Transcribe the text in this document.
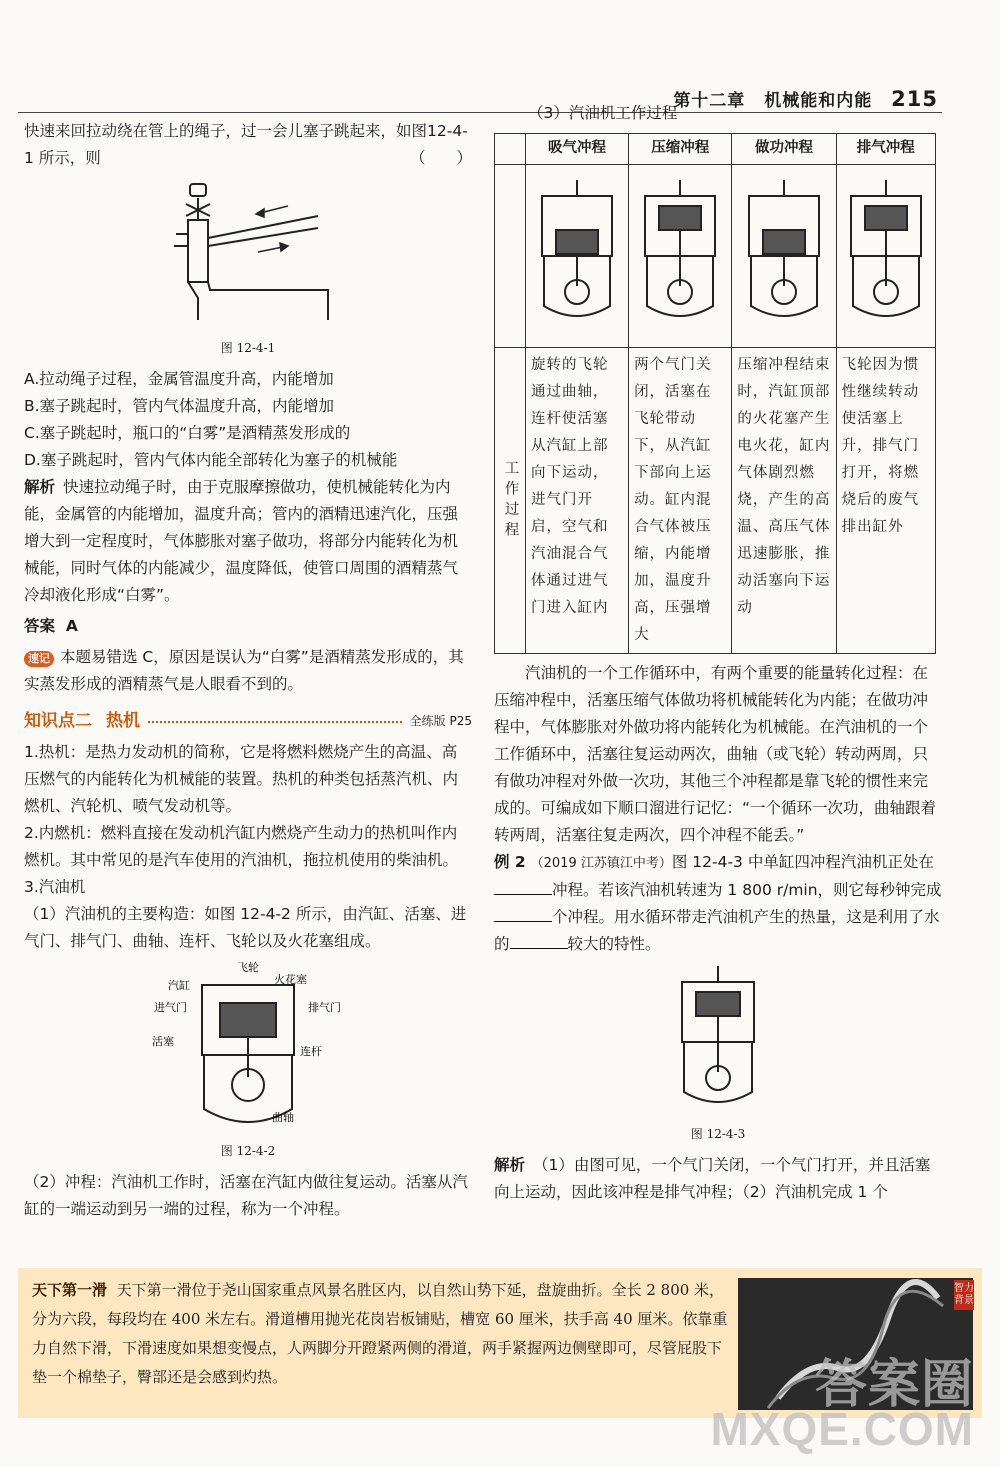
第十二章 机械能和内能 215

快速来回拉动绕在管上的绳子，过一会儿塞子跳起来，如图12-4-1 所示，则	（　　）

图 12-4-1

A.拉动绳子过程，金属管温度升高，内能增加

B.塞子跳起时，管内气体温度升高，内能增加

C.塞子跳起时，瓶口的“白雾”是酒精蒸发形成的

D.塞子跳起时，管内气体内能全部转化为塞子的机械能

解析 快速拉动绳子时，由于克服摩擦做功，使机械能转化为内能，金属管的内能增加，温度升高；管内的酒精迅速汽化，压强增大到一定程度时，气体膨胀对塞子做功，将部分内能转化为机械能，同时气体的内能减少，温度降低，使管口周围的酒精蒸气冷却液化形成“白雾”。

答案 A

速记 本题易错选 C，原因是误认为“白雾”是酒精蒸发形成的，其实蒸发形成的酒精蒸气是人眼看不到的。

知识点二 热机	全练版 P25

1.热机：是热力发动机的简称，它是将燃料燃烧产生的高温、高压燃气的内能转化为机械能的装置。热机的种类包括蒸汽机、内燃机、汽轮机、喷气发动机等。

2.内燃机：燃料直接在发动机汽缸内燃烧产生动力的热机叫作内燃机。其中常见的是汽车使用的汽油机，拖拉机使用的柴油机。

3.汽油机

（1）汽油机的主要构造：如图 12-4-2 所示，由汽缸、活塞、进气门、排气门、曲轴、连杆、飞轮以及火花塞组成。

飞轮
汽缸	火花塞
进气门	排气门
活塞
连杆
曲轴
图 12-4-2

（2）冲程：汽油机工作时，活塞在汽缸内做往复运动。活塞从汽缸的一端运动到另一端的过程，称为一个冲程。

（3）汽油机工作过程

	吸气冲程	压缩冲程	做功冲程	排气冲程

工作过程	旋转的飞轮通过曲轴，连杆使活塞从汽缸上部向下运动，进气门开启，空气和汽油混合气体通过进气门进入缸内	两个气门关闭，活塞在飞轮带动下，从汽缸下部向上运动。缸内混合气体被压缩，内能增加，温度升高，压强增大	压缩冲程结束时，汽缸顶部的火花塞产生电火花，缸内气体剧烈燃烧，产生的高温、高压气体迅速膨胀，推动活塞向下运动	飞轮因为惯性继续转动使活塞上升，排气门打开，将燃烧后的废气排出缸外

汽油机的一个工作循环中，有两个重要的能量转化过程：在压缩冲程中，活塞压缩气体做功将机械能转化为内能；在做功冲程中，气体膨胀对外做功将内能转化为机械能。在汽油机的一个工作循环中，活塞往复运动两次，曲轴（或飞轮）转动两周，只有做功冲程对外做一次功，其他三个冲程都是靠飞轮的惯性来完成的。可编成如下顺口溜进行记忆：“一个循环一次功，曲轴跟着转两周，活塞往复走两次，四个冲程不能丢。”

例 2 （2019 江苏镇江中考）图 12-4-3 中单缸四冲程汽油机正处在冲程。若该汽油机转速为 1 800 r/min，则它每秒钟完成个冲程。用水循环带走汽油机产生的热量，这是利用了水的	较大的特性。

图 12-4-3

解析 （1）由图可见，一个气门关闭，一个气门打开，并且活塞向上运动，因此该冲程是排气冲程；（2）汽油机完成 1 个

天下第一滑 天下第一滑位于尧山国家重点风景名胜区内，以自然山势下延，盘旋曲折。全长 2 800 米，分为六段，每段均在 400 米左右。滑道槽用抛光花岗岩板铺贴，槽宽 60 厘米，扶手高 40 厘米。依靠重力自然下滑，下滑速度如果想变慢点，人两脚分开蹬紧两侧的滑道，两手紧握两边侧壁即可，尽管屁股下垫一个棉垫子，臀部还是会感到灼热。
智力背景
答案圈
MXQE.COM
